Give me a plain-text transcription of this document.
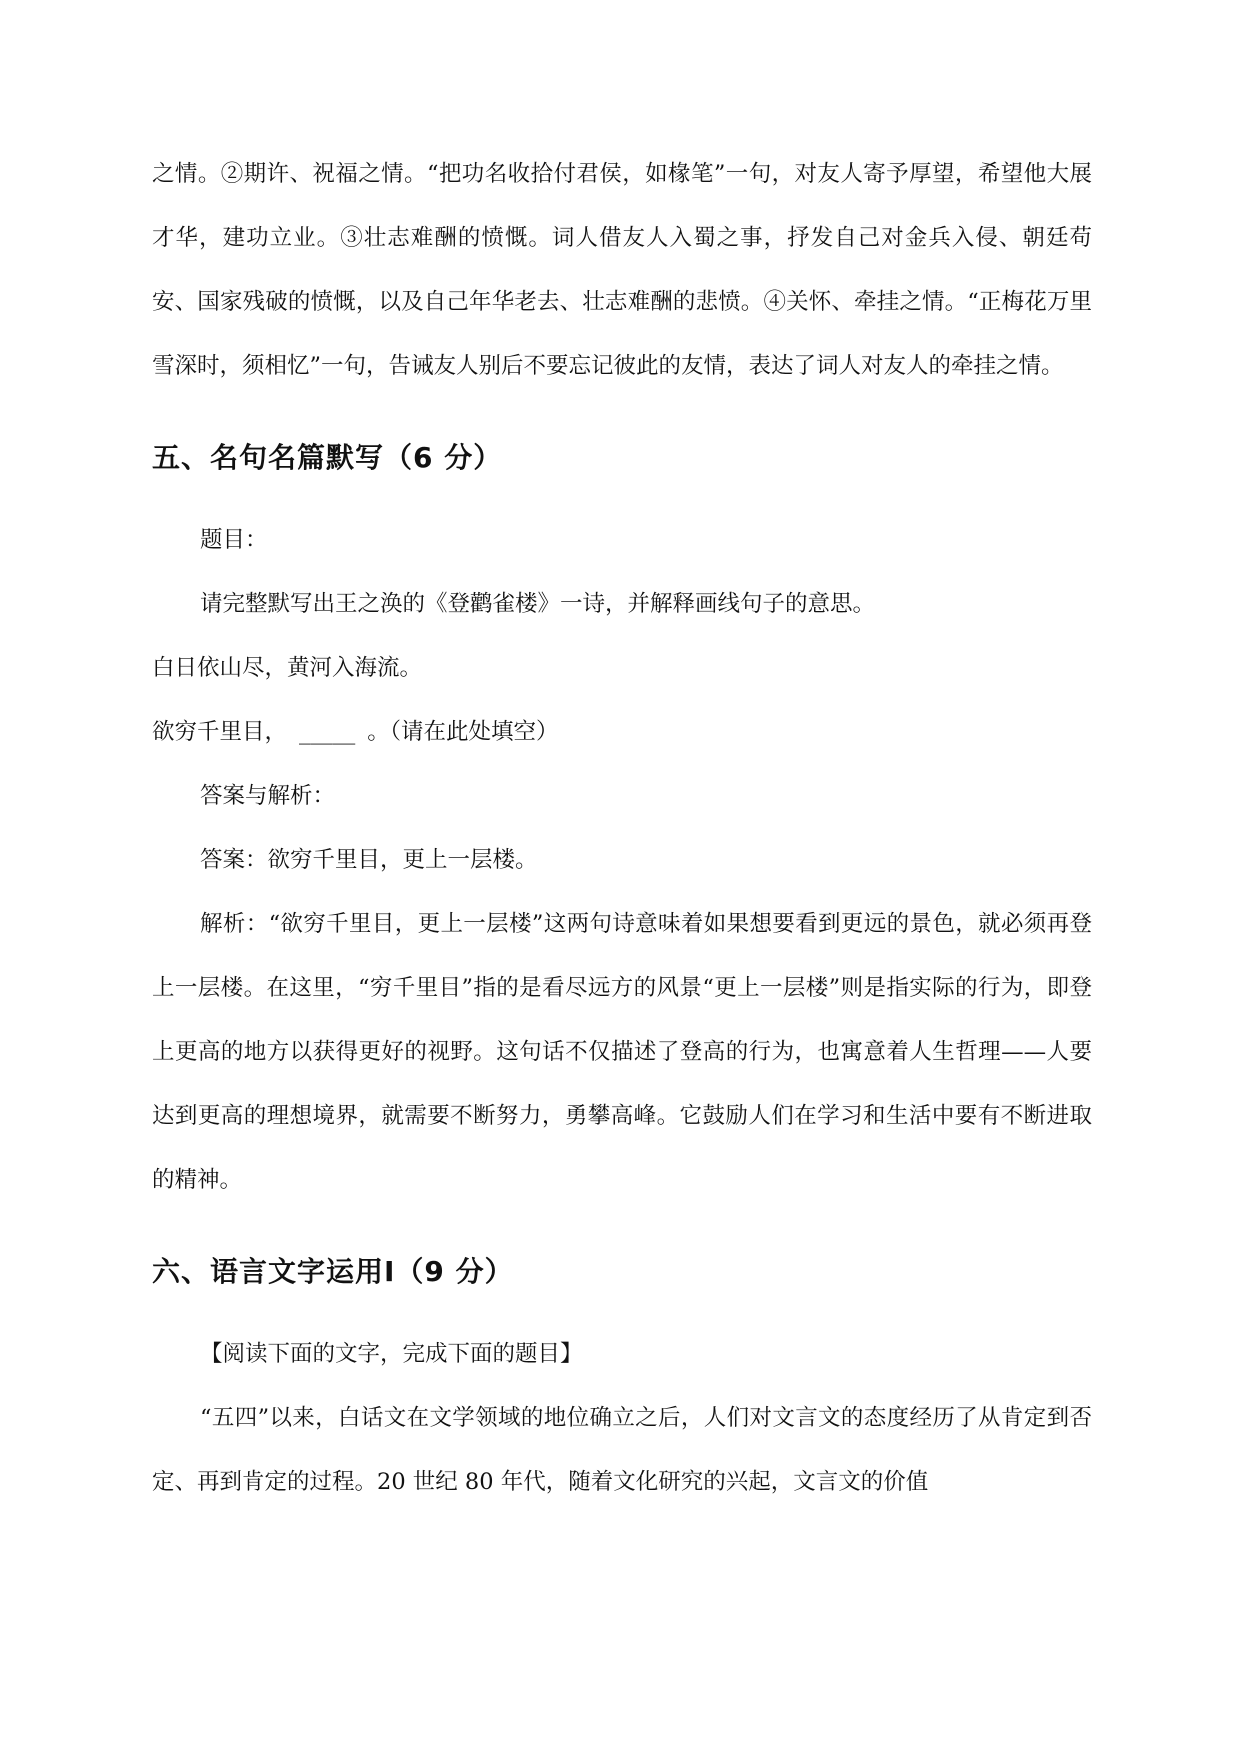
之情。②期许、祝福之情。“把功名收拾付君侯，如椽笔”一句，对友人寄予厚望，希望他大展才华，建功立业。③壮志难酬的愤慨。词人借友人入蜀之事，抒发自己对金兵入侵、朝廷苟安、国家残破的愤慨，以及自己年华老去、壮志难酬的悲愤。④关怀、牵挂之情。“正梅花万里雪深时，须相忆”一句，告诫友人别后不要忘记彼此的友情，表达了词人对友人的牵挂之情。

五、名句名篇默写（6 分）

题目：

请完整默写出王之涣的《登鹳雀楼》一诗，并解释画线句子的意思。

白日依山尽，黄河入海流。

欲穷千里目， _____ 。（请在此处填空）

答案与解析：

答案：欲穷千里目，更上一层楼。

解析：“欲穷千里目，更上一层楼”这两句诗意味着如果想要看到更远的景色，就必须再登上一层楼。在这里，“穷千里目”指的是看尽远方的风景“更上一层楼”则是指实际的行为，即登上更高的地方以获得更好的视野。这句话不仅描述了登高的行为，也寓意着人生哲理——人要达到更高的理想境界，就需要不断努力，勇攀高峰。它鼓励人们在学习和生活中要有不断进取的精神。

六、语言文字运用Ⅰ（9 分）

【阅读下面的文字，完成下面的题目】

“五四”以来，白话文在文学领域的地位确立之后，人们对文言文的态度经历了从肯定到否定、再到肯定的过程。20 世纪 80 年代，随着文化研究的兴起，文言文的价值
